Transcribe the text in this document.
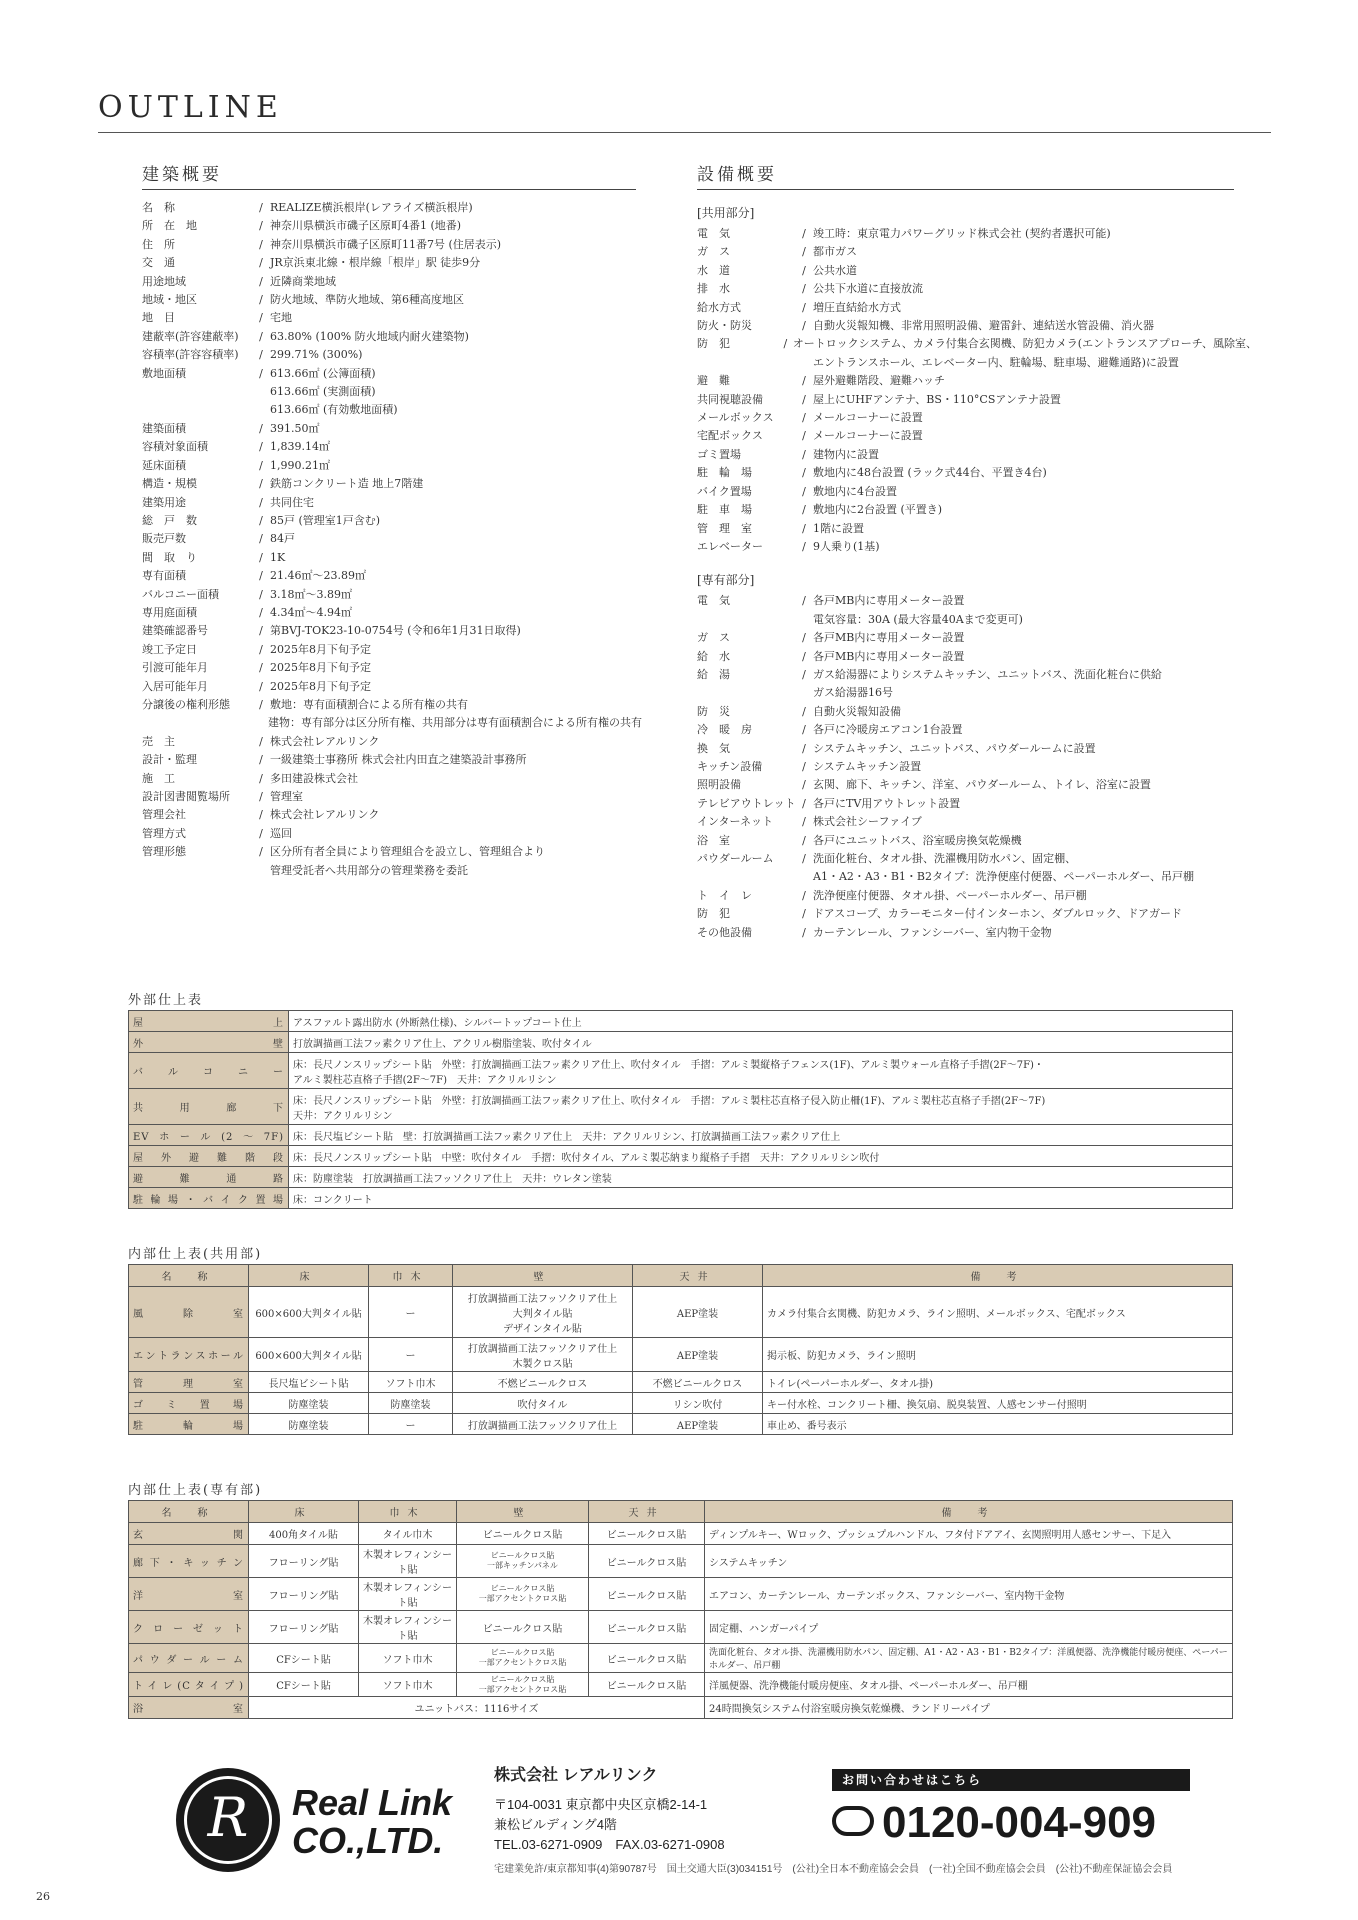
OUTLINE
建築概要
名　称	/ REALIZE横浜根岸(レアライズ横浜根岸)
所　在　地	/ 神奈川県横浜市磯子区原町4番1 (地番)
住　所	/ 神奈川県横浜市磯子区原町11番7号 (住居表示)
交　通	/ JR京浜東北線・根岸線「根岸」駅 徒歩9分
用途地域	/ 近隣商業地域
地域・地区	/ 防火地域、準防火地域、第6種高度地区
地　目	/ 宅地
建蔽率(許容建蔽率)	/ 63.80% (100% 防火地域内耐火建築物)
容積率(許容容積率)	/ 299.71% (300%)
敷地面積	/ 613.66㎡ (公簿面積)
613.66㎡ (実測面積)
613.66㎡ (有効敷地面積)
建築面積	/ 391.50㎡
容積対象面積	/ 1,839.14㎡
延床面積	/ 1,990.21㎡
構造・規模	/ 鉄筋コンクリート造 地上7階建
建築用途	/ 共同住宅
総　戸　数	/ 85戸 (管理室1戸含む)
販売戸数	/ 84戸
間　取　り	/ 1K
専有面積	/ 21.46㎡～23.89㎡
バルコニー面積	/ 3.18㎡～3.89㎡
専用庭面積	/ 4.34㎡～4.94㎡
建築確認番号	/ 第BVJ-TOK23-10-0754号 (令和6年1月31日取得)
竣工予定日	/ 2025年8月下旬予定
引渡可能年月	/ 2025年8月下旬予定
入居可能年月	/ 2025年8月下旬予定
分譲後の権利形態	/ 敷地：専有面積割合による所有権の共有
建物：専有部分は区分所有権、共用部分は専有面積割合による所有権の共有
売　主	/ 株式会社レアルリンク
設計・監理	/ 一級建築士事務所 株式会社内田直之建築設計事務所
施　工	/ 多田建設株式会社
設計図書閲覧場所	/ 管理室
管理会社	/ 株式会社レアルリンク
管理方式	/ 巡回
管理形態	/ 区分所有者全員により管理組合を設立し、管理組合より
管理受託者へ共用部分の管理業務を委託
設備概要
[共用部分]
電　気	/ 竣工時：東京電力パワーグリッド株式会社 (契約者選択可能)
ガ　ス	/ 都市ガス
水　道	/ 公共水道
排　水	/ 公共下水道に直接放流
給水方式	/ 増圧直結給水方式
防火・防災	/ 自動火災報知機、非常用照明設備、避雷針、連結送水管設備、消火器
防　犯	/ オートロックシステム、カメラ付集合玄関機、防犯カメラ(エントランスアプローチ、風除室、
エントランスホール、エレベーター内、駐輪場、駐車場、避難通路)に設置
避　難	/ 屋外避難階段、避難ハッチ
共同視聴設備	/ 屋上にUHFアンテナ、BS・110°CSアンテナ設置
メールボックス	/ メールコーナーに設置
宅配ボックス	/ メールコーナーに設置
ゴミ置場	/ 建物内に設置
駐　輪　場	/ 敷地内に48台設置 (ラック式44台、平置き4台)
バイク置場	/ 敷地内に4台設置
駐　車　場	/ 敷地内に2台設置 (平置き)
管　理　室	/ 1階に設置
エレベーター	/ 9人乗り(1基)
[専有部分]
電　気	/ 各戸MB内に専用メーター設置
電気容量：30A (最大容量40Aまで変更可)
ガ　ス	/ 各戸MB内に専用メーター設置
給　水	/ 各戸MB内に専用メーター設置
給　湯	/ ガス給湯器によりシステムキッチン、ユニットバス、洗面化粧台に供給
ガス給湯器16号
防　災	/ 自動火災報知設備
冷　暖　房	/ 各戸に冷暖房エアコン1台設置
換　気	/ システムキッチン、ユニットバス、パウダールームに設置
キッチン設備	/ システムキッチン設置
照明設備	/ 玄関、廊下、キッチン、洋室、パウダールーム、トイレ、浴室に設置
テレビアウトレット / 各戸にTV用アウトレット設置
インターネット	/ 株式会社シーファイブ
浴　室	/ 各戸にユニットバス、浴室暖房換気乾燥機
パウダールーム	/ 洗面化粧台、タオル掛、洗濯機用防水パン、固定棚、
A1・A2・A3・B1・B2タイプ：洗浄便座付便器、ペーパーホルダー、吊戸棚
ト　イ　レ	/ 洗浄便座付便器、タオル掛、ペーパーホルダー、吊戸棚
防　犯	/ ドアスコープ、カラーモニター付インターホン、ダブルロック、ドアガード
その他設備	/ カーテンレール、ファンシーバー、室内物干金物
外部仕上表
屋　上	アスファルト露出防水 (外断熱仕様)、シルバートップコート仕上
外　壁	打放調描画工法フッ素クリア仕上、アクリル樹脂塗装、吹付タイル
バルコニー	床：長尺ノンスリップシート貼　外壁：打放調描画工法フッ素クリア仕上、吹付タイル　手摺：アルミ製縦格子フェンス(1F)、アルミ製ウォール直格子手摺(2F～7F)・
アルミ製柱芯直格子手摺(2F～7F)　天井：アクリルリシン
共用廊下	床：長尺ノンスリップシート貼　外壁：打放調描画工法フッ素クリア仕上、吹付タイル　手摺：アルミ製柱芯直格子侵入防止柵(1F)、アルミ製柱芯直格子手摺(2F～7F)
天井：アクリルリシン
EVホール(2～7F)	床：長尺塩ビシート貼　壁：打放調描画工法フッ素クリア仕上　天井：アクリルリシン、打放調描画工法フッ素クリア仕上
屋外避難階段	床：長尺ノンスリップシート貼　中壁：吹付タイル　手摺：吹付タイル、アルミ製芯納まり縦格子手摺　天井：アクリルリシン吹付
避難通路	床：防塵塗装　打放調描画工法フッソクリア仕上　天井：ウレタン塗装
駐輪場・バイク置場	床：コンクリート
内部仕上表(共用部)
名　称	床	巾木	壁	天井	備　考
風除室	600×600大判タイル貼	ー	打放調描画工法フッソクリア仕上
大判タイル貼
デザインタイル貼	AEP塗装	カメラ付集合玄関機、防犯カメラ、ライン照明、メールボックス、宅配ボックス
エントランスホール	600×600大判タイル貼	ー	打放調描画工法フッソクリア仕上
木製クロス貼	AEP塗装	掲示板、防犯カメラ、ライン照明
管理室	長尺塩ビシート貼	ソフト巾木	不燃ビニールクロス	不燃ビニールクロス	トイレ(ペーパーホルダー、タオル掛)
ゴミ置場	防塵塗装	防塵塗装	吹付タイル	リシン吹付	キー付水栓、コンクリート柵、換気扇、脱臭装置、人感センサー付照明
駐輪場	防塵塗装	ー	打放調描画工法フッソクリア仕上	AEP塗装	車止め、番号表示
内部仕上表(専有部)
名　称	床	巾木	壁	天井	備　考
玄関	400角タイル貼	タイル巾木	ビニールクロス貼	ビニールクロス貼	ディンプルキー、Wロック、プッシュプルハンドル、フタ付ドアアイ、玄関照明用人感センサー、下足入
廊下・キッチン	フローリング貼	木製オレフィンシート貼	ビニールクロス貼
一部キッチンパネル	ビニールクロス貼	システムキッチン
洋室	フローリング貼	木製オレフィンシート貼	ビニールクロス貼
一部アクセントクロス貼	ビニールクロス貼	エアコン、カーテンレール、カーテンボックス、ファンシーバー、室内物干金物
クローゼット	フローリング貼	木製オレフィンシート貼	ビニールクロス貼	ビニールクロス貼	固定棚、ハンガーパイプ
パウダールーム	CFシート貼	ソフト巾木	ビニールクロス貼
一部アクセントクロス貼	ビニールクロス貼	洗面化粧台、タオル掛、洗濯機用防水パン、固定棚、A1・A2・A3・B1・B2タイプ：洋風便器、洗浄機能付暖房便座、ペーパーホルダー、吊戸棚
トイレ(Cタイプ)	CFシート貼	ソフト巾木	ビニールクロス貼
一部アクセントクロス貼	ビニールクロス貼	洋風便器、洗浄機能付暖房便座、タオル掛、ペーパーホルダー、吊戸棚
浴室	ユニットバス：1116サイズ				24時間換気システム付浴室暖房換気乾燥機、ランドリーパイプ
R	Real Link
CO.,LTD.
株式会社 レアルリンク
〒104-0031 東京都中央区京橋2-14-1
兼松ビルディング4階
TEL.03-6271-0909　FAX.03-6271-0908
お問い合わせはこちら
0120-004-909
宅建業免許/東京都知事(4)第90787号　国土交通大臣(3)034151号　(公社)全日本不動産協会会員　(一社)全国不動産協会会員　(公社)不動産保証協会会員
26
